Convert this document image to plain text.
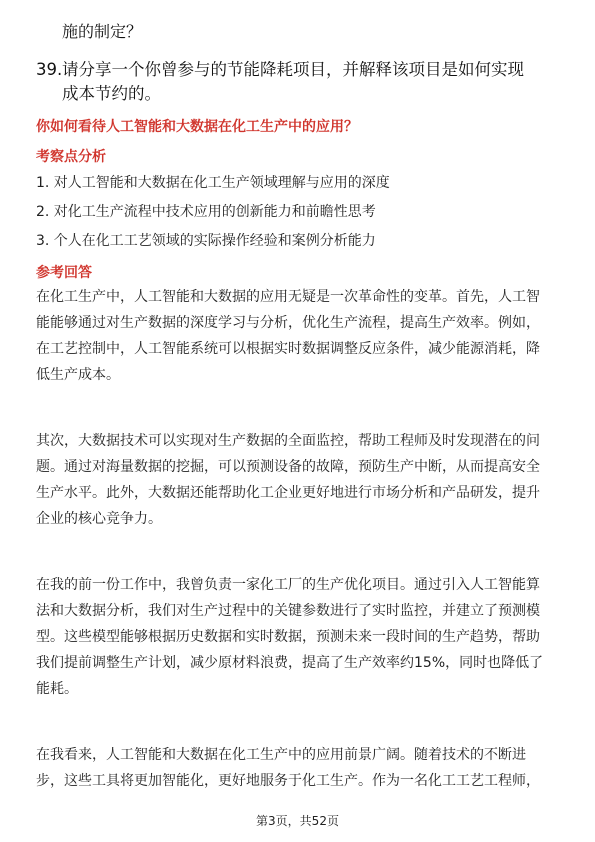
施的制定？
39.请分享一个你曾参与的节能降耗项目，并解释该项目是如何实现
成本节约的。
你如何看待人工智能和大数据在化工生产中的应用？
考察点分析
1. 对人工智能和大数据在化工生产领域理解与应用的深度
2. 对化工生产流程中技术应用的创新能力和前瞻性思考
3. 个人在化工工艺领域的实际操作经验和案例分析能力
参考回答
在化工生产中，人工智能和大数据的应用无疑是一次革命性的变革。首先，人工智
能能够通过对生产数据的深度学习与分析，优化生产流程，提高生产效率。例如，
在工艺控制中，人工智能系统可以根据实时数据调整反应条件，减少能源消耗，降
低生产成本。
其次，大数据技术可以实现对生产数据的全面监控，帮助工程师及时发现潜在的问
题。通过对海量数据的挖掘，可以预测设备的故障，预防生产中断，从而提高安全
生产水平。此外，大数据还能帮助化工企业更好地进行市场分析和产品研发，提升
企业的核心竞争力。
在我的前一份工作中，我曾负责一家化工厂的生产优化项目。通过引入人工智能算
法和大数据分析，我们对生产过程中的关键参数进行了实时监控，并建立了预测模
型。这些模型能够根据历史数据和实时数据，预测未来一段时间的生产趋势，帮助
我们提前调整生产计划，减少原材料浪费，提高了生产效率约15%，同时也降低了
能耗。
在我看来，人工智能和大数据在化工生产中的应用前景广阔。随着技术的不断进
步，这些工具将更加智能化，更好地服务于化工生产。作为一名化工工艺工程师，
第3页，共52页
